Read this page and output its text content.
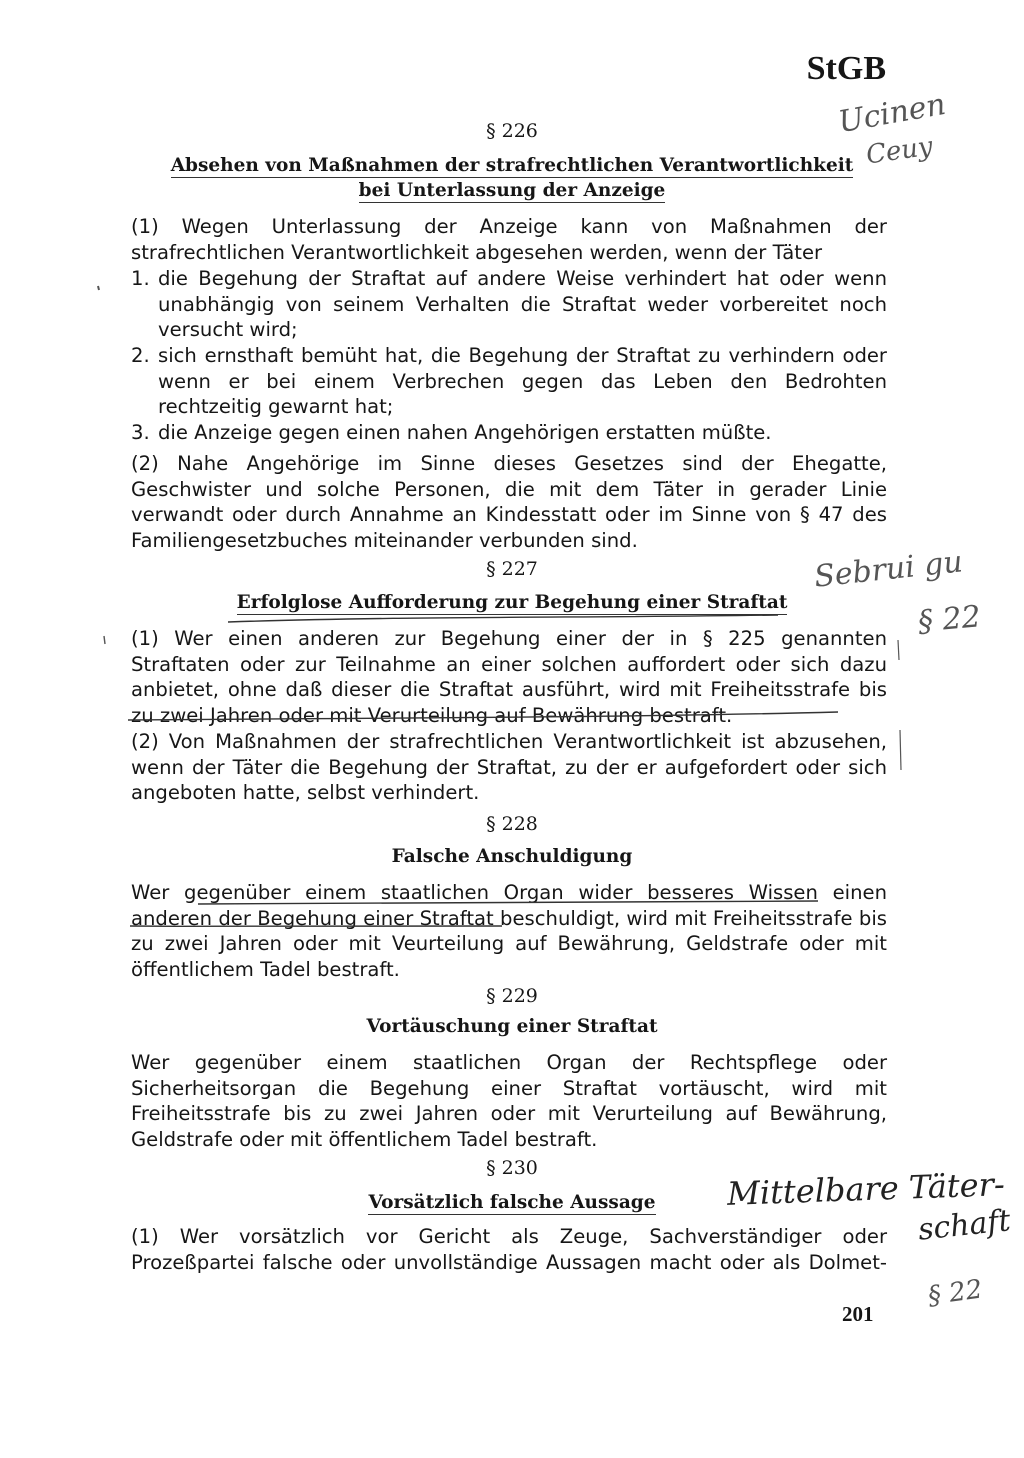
StGB
§ 226
Absehen von Maßnahmen der strafrechtlichen Verantwortlichkeit
bei Unterlassung der Anzeige

(1) Wegen Unterlassung der Anzeige kann von Maßnahmen der strafrechtlichen Verantwortlichkeit abgesehen werden, wenn der Täter

1. die Begehung der Straftat auf andere Weise verhindert hat oder wenn unabhängig von seinem Verhalten die Straftat weder vorbereitet noch versucht wird;
2. sich ernsthaft bemüht hat, die Begehung der Straftat zu verhindern oder wenn er bei einem Verbrechen gegen das Leben den Bedrohten rechtzeitig gewarnt hat;
3. die Anzeige gegen einen nahen Angehörigen erstatten müßte.

(2) Nahe Angehörige im Sinne dieses Gesetzes sind der Ehegatte, Geschwister und solche Personen, die mit dem Täter in gerader Linie verwandt oder durch Annahme an Kindesstatt oder im Sinne von § 47 des Familiengesetzbuches miteinander verbunden sind.

§ 227
Erfolglose Aufforderung zur Begehung einer Straftat

(1) Wer einen anderen zur Begehung einer der in § 225 genannten Straftaten oder zur Teilnahme an einer solchen auffordert oder sich dazu anbietet, ohne daß dieser die Straftat ausführt, wird mit Freiheitsstrafe bis zu zwei Jahren oder mit Verurteilung auf Bewährung bestraft.

(2) Von Maßnahmen der strafrechtlichen Verantwortlichkeit ist abzusehen, wenn der Täter die Begehung der Straftat, zu der er aufgefordert oder sich angeboten hatte, selbst verhindert.

§ 228
Falsche Anschuldigung

Wer gegenüber einem staatlichen Organ wider besseres Wissen einen anderen der Begehung einer Straftat beschuldigt, wird mit Freiheitsstrafe bis zu zwei Jahren oder mit Veurteilung auf Bewährung, Geldstrafe oder mit öffentlichem Tadel bestraft.

§ 229
Vortäuschung einer Straftat

Wer gegenüber einem staatlichen Organ der Rechtspflege oder Sicherheitsorgan die Begehung einer Straftat vortäuscht, wird mit Freiheitsstrafe bis zu zwei Jahren oder mit Verurteilung auf Bewährung, Geldstrafe oder mit öffentlichem Tadel bestraft.

§ 230
Vorsätzlich falsche Aussage

(1) Wer vorsätzlich vor Gericht als Zeuge, Sachverständiger oder Prozeßpartei falsche oder unvollständige Aussagen macht oder als Dolmet-

Ucinen
Ceuy
Sebrui gu
§ 22
Mittelbare Täter-
schaft
§ 22
201
